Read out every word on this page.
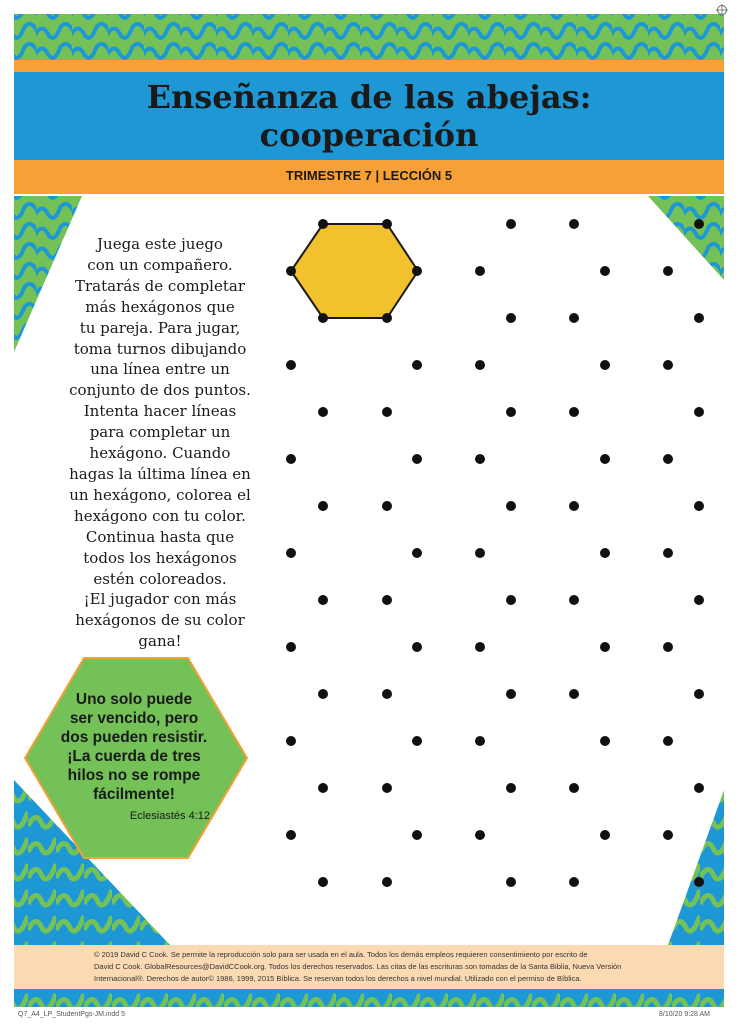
Enseñanza de las abejas:
cooperación
TRIMESTRE 7 | LECCIÓN 5
Juega este juego
con un compañero.
Tratarás de completar
más hexágonos que
tu pareja. Para jugar,
toma turnos dibujando
una línea entre un
conjunto de dos puntos.
Intenta hacer líneas
para completar un
hexágono. Cuando
hagas la última línea en
un hexágono, colorea el
hexágono con tu color.
Continua hasta que
todos los hexágonos
estén coloreados.
¡El jugador con más
hexágonos de su color
gana!
Uno solo puede
ser vencido, pero
dos pueden resistir.
¡La cuerda de tres
hilos no se rompe
fácilmente!
Eclesiastés 4:12
© 2019 David C Cook. Se permite la reproducción solo para ser usada en el aula. Todos los demás empleos requieren consentimiento por escrito de
David C Cook. GlobalResources@DavidCCook.org. Todos los derechos reservados. Las citas de las escrituras son tomadas de la Santa Biblia, Nueva Versión
Internacional®. Derechos de autor© 1986, 1999, 2015 Bíblica. Se reservan todos los derechos a nivel mundial. Utilizado con el permiso de Bíblica.
Q7_A4_LP_StudentPgs-JM.indd 5	8/10/20 9:28 AM
